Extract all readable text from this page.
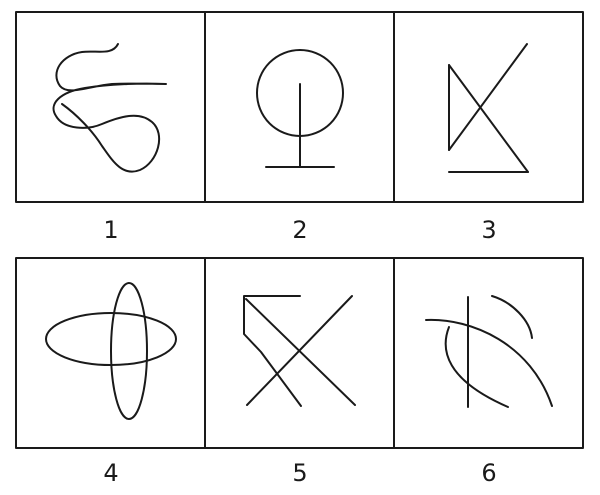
1	2	3
4	5	6
